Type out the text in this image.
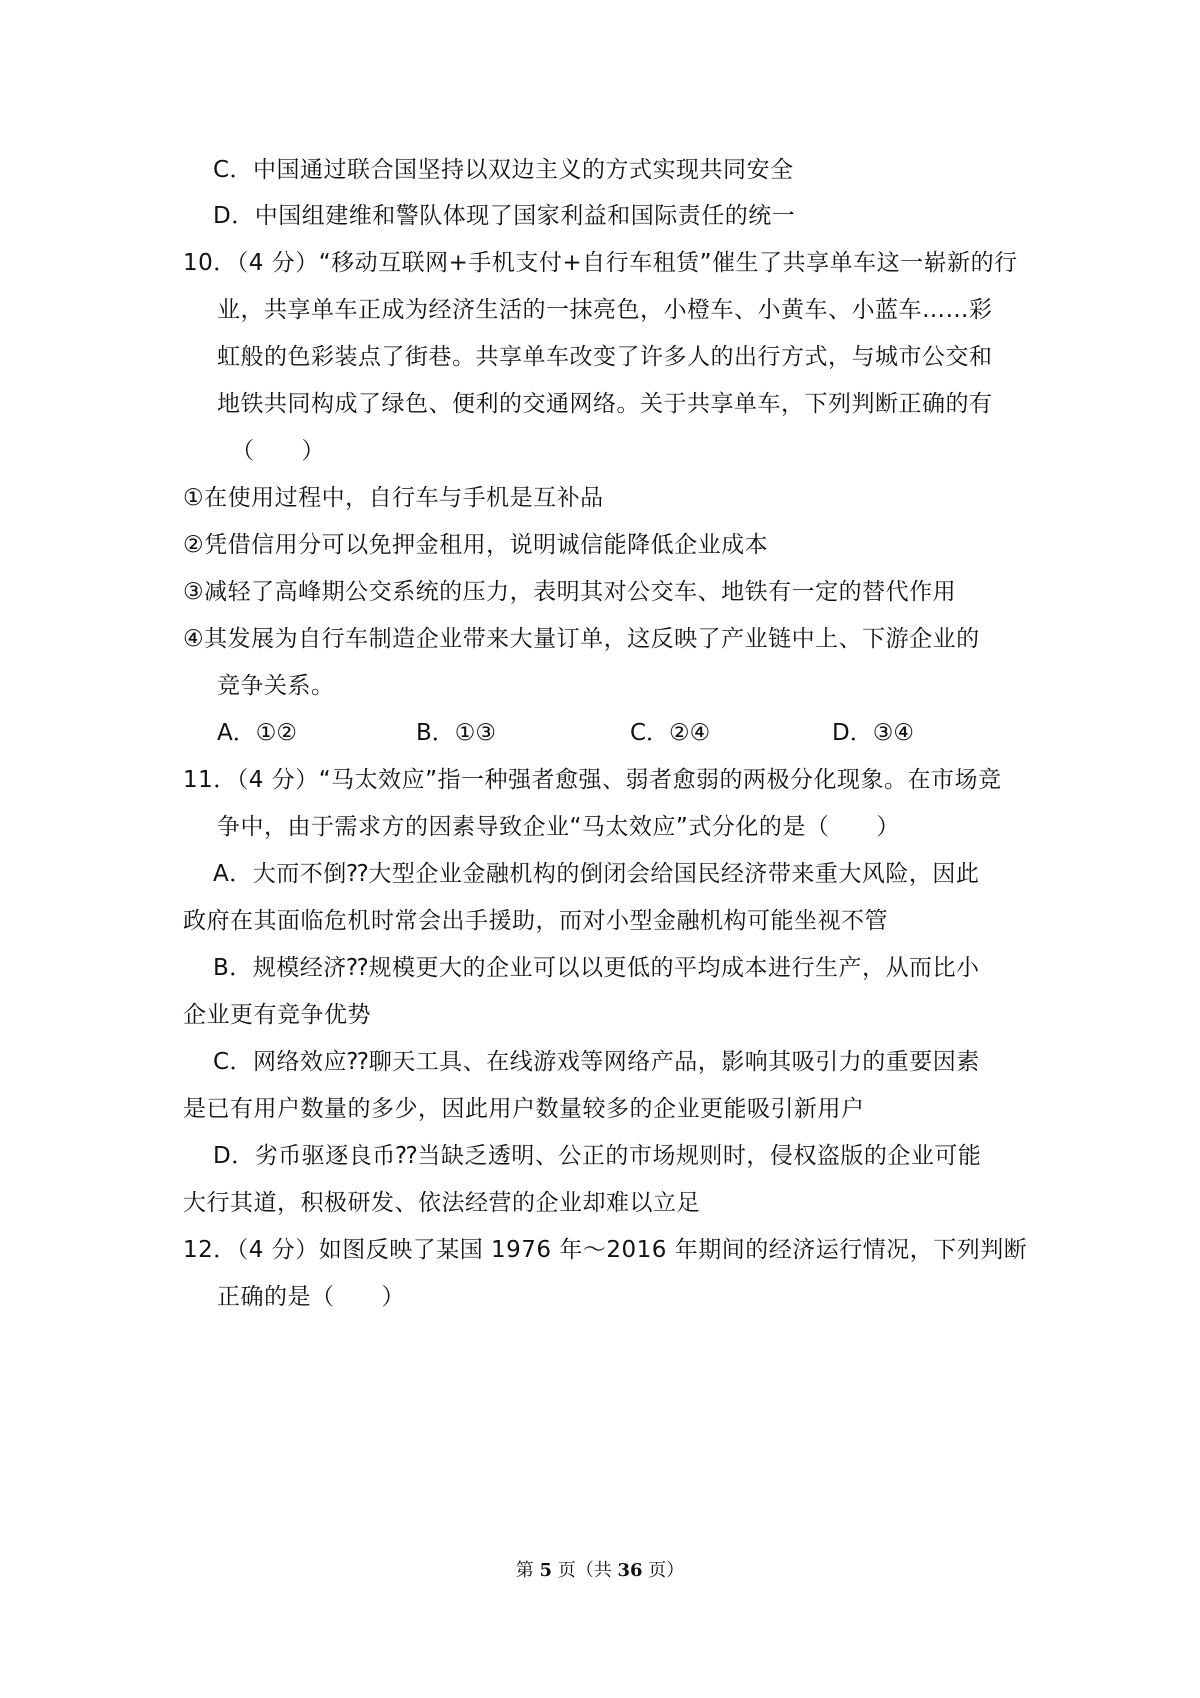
C．中国通过联合国坚持以双边主义的方式实现共同安全
D．中国组建维和警队体现了国家利益和国际责任的统一
10．（4 分）“移动互联网+手机支付+自行车租赁”催生了共享单车这一崭新的行
业，共享单车正成为经济生活的一抹亮色，小橙车、小黄车、小蓝车……彩
虹般的色彩装点了街巷。共享单车改变了许多人的出行方式，与城市公交和
地铁共同构成了绿色、便利的交通网络。关于共享单车，下列判断正确的有
（　　）
①在使用过程中，自行车与手机是互补品
②凭借信用分可以免押金租用，说明诚信能降低企业成本
③减轻了高峰期公交系统的压力，表明其对公交车、地铁有一定的替代作用
④其发展为自行车制造企业带来大量订单，这反映了产业链中上、下游企业的
竞争关系。
A．①②	B．①③	C．②④	D．③④
11．（4 分）“马太效应”指一种强者愈强、弱者愈弱的两极分化现象。在市场竞
争中，由于需求方的因素导致企业“马太效应”式分化的是（　　）
A．大而不倒⁇大型企业金融机构的倒闭会给国民经济带来重大风险，因此
政府在其面临危机时常会出手援助，而对小型金融机构可能坐视不管
B．规模经济⁇规模更大的企业可以以更低的平均成本进行生产，从而比小
企业更有竞争优势
C．网络效应⁇聊天工具、在线游戏等网络产品，影响其吸引力的重要因素
是已有用户数量的多少，因此用户数量较多的企业更能吸引新用户
D．劣币驱逐良币⁇当缺乏透明、公正的市场规则时，侵权盗版的企业可能
大行其道，积极研发、依法经营的企业却难以立足
12．（4 分）如图反映了某国 1976 年～2016 年期间的经济运行情况，下列判断
正确的是（　　）
第 5 页（共 36 页）
